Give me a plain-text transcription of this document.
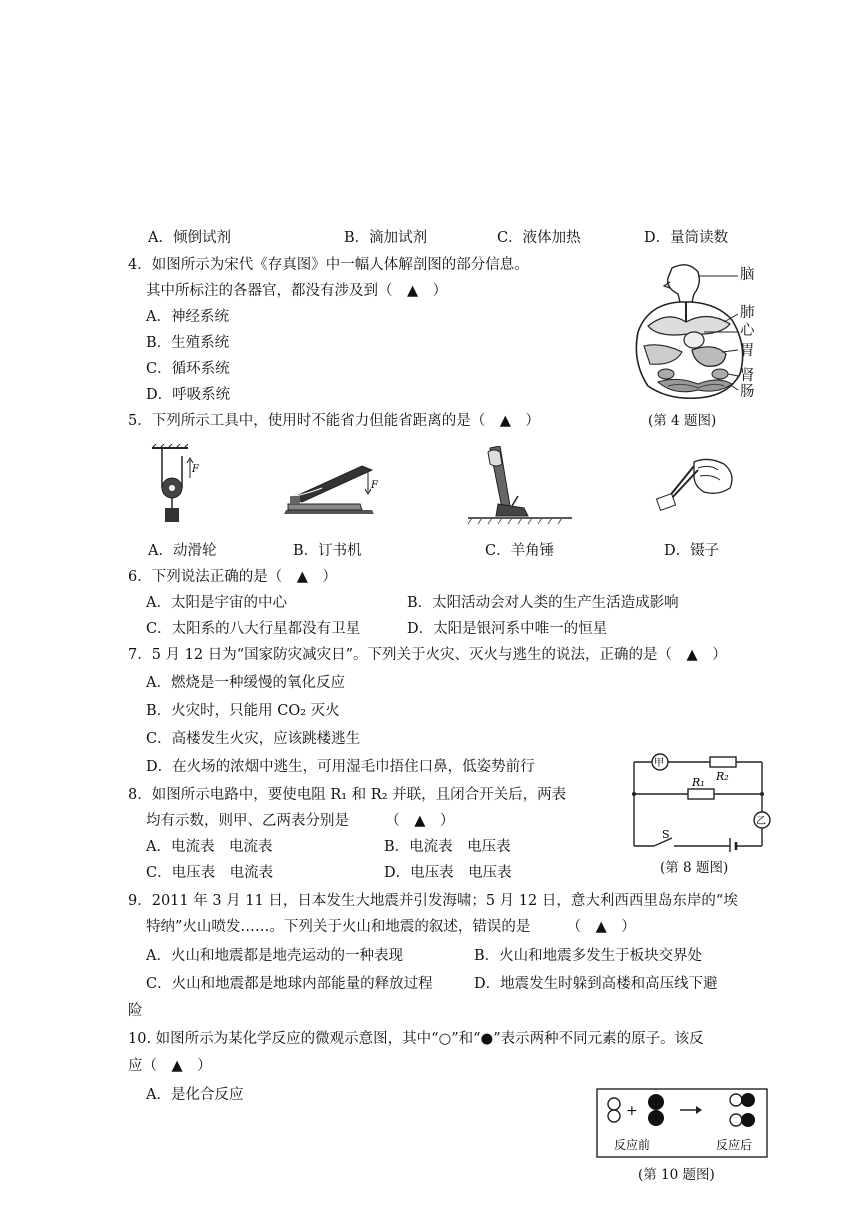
A．倾倒试剂	B．滴加试剂	C．液体加热	D．量筒读数
4．如图所示为宋代《存真图》中一幅人体解剖图的部分信息。
其中所标注的各器官，都没有涉及到（　▲　）
A．神经系统
B．生殖系统
C．循环系统
D．呼吸系统
脑
肺
心
胃
肾
肠
(第 4 题图)
5．下列所示工具中，使用时不能省力但能省距离的是（　▲　）
F
F
A．动滑轮	B．订书机	C．羊角锤	D．镊子
6．下列说法正确的是（　▲　）
A．太阳是宇宙的中心	B．太阳活动会对人类的生产生活造成影响
C．太阳系的八大行星都没有卫星	D．太阳是银河系中唯一的恒星
7．5 月 12 日为“国家防灾减灾日”。下列关于火灾、灭火与逃生的说法，正确的是（　▲　）
A．燃烧是一种缓慢的氧化反应
B．火灾时，只能用 CO₂ 灭火
C．高楼发生火灾，应该跳楼逃生
D．在火场的浓烟中逃生，可用湿毛巾捂住口鼻，低姿势前行	甲
乙
R₂
R₁
S
(第 8 题图)
8．如图所示电路中，要使电阻 R₁ 和 R₂ 并联，且闭合开关后，两表
均有示数，则甲、乙两表分别是　　　（　▲　）
A．电流表　电流表	B．电流表　电压表
C．电压表　电流表	D．电压表　电压表
9．2011 年 3 月 11 日，日本发生大地震并引发海啸；5 月 12 日，意大利西西里岛东岸的“埃
特纳”火山喷发……。下列关于火山和地震的叙述，错误的是　　　（　▲　）
A．火山和地震都是地壳运动的一种表现	B．火山和地震多发生于板块交界处
C．火山和地震都是地球内部能量的释放过程	D．地震发生时躲到高楼和高压线下避
险
10. 如图所示为某化学反应的微观示意图，其中“○”和“●”表示两种不同元素的原子。该反
应（　▲　）
A．是化合反应
+
反应前	反应后
(第 10 题图)
